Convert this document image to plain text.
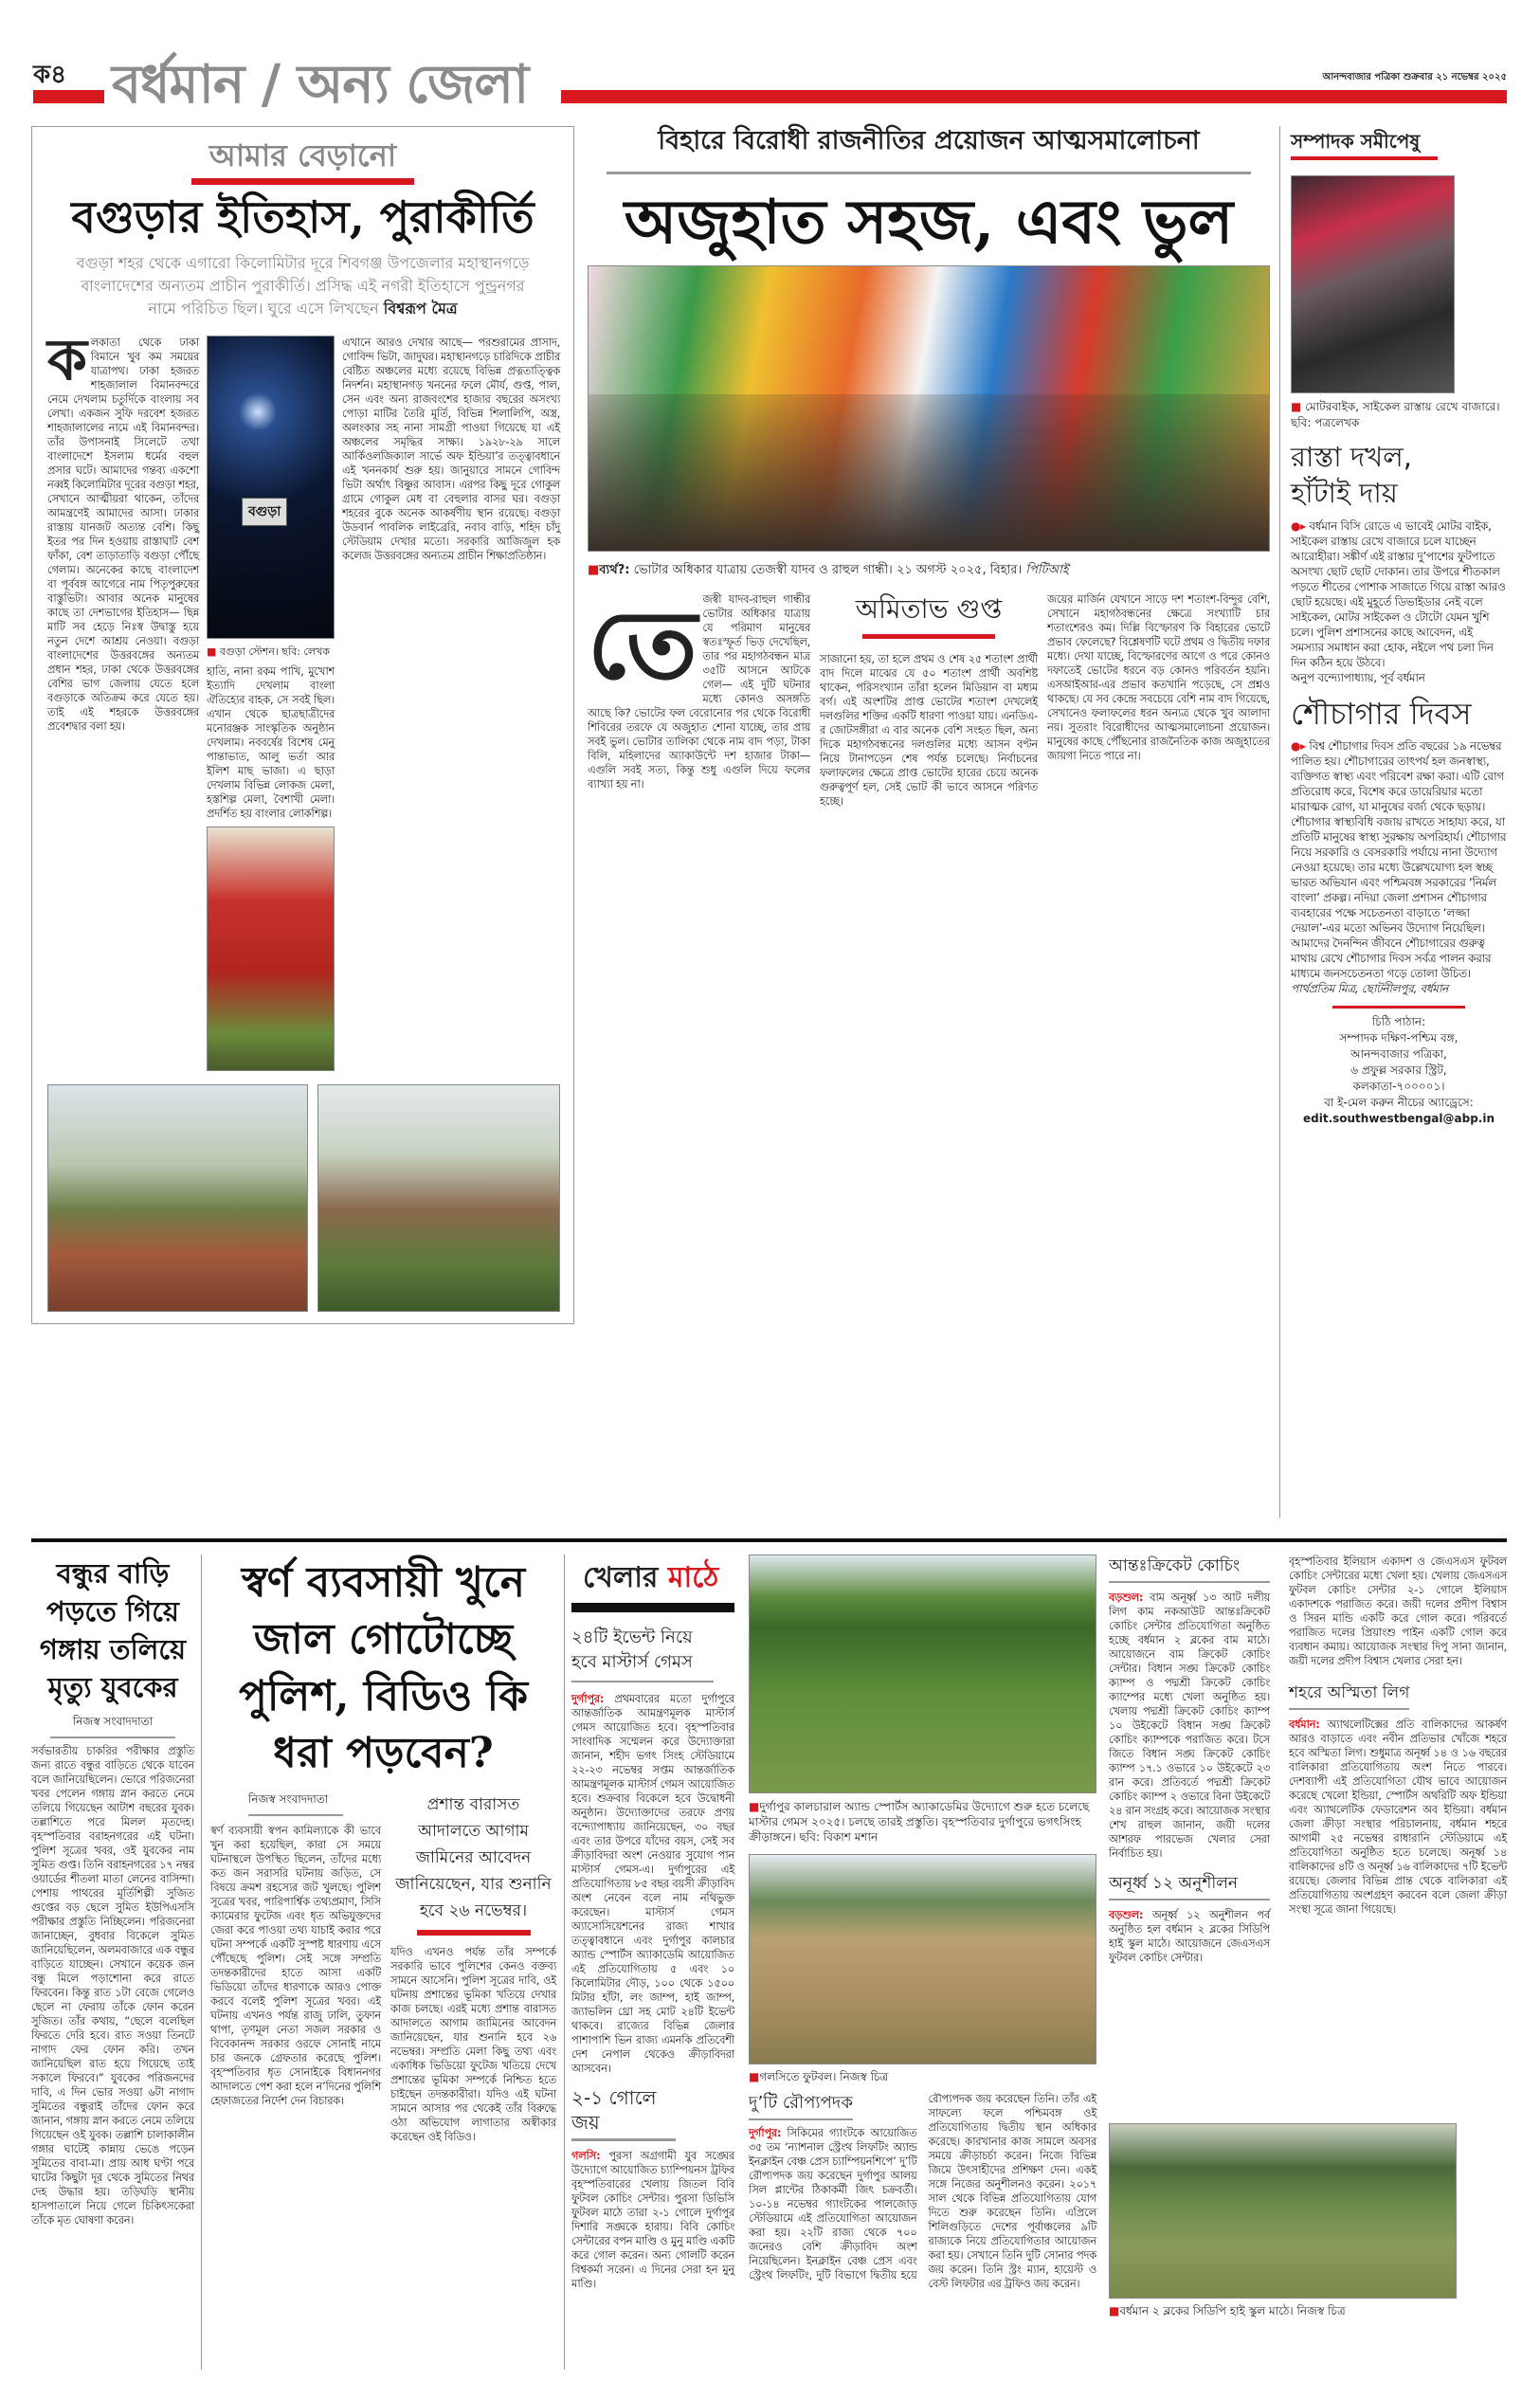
ক৪ বর্ধমান / অন্য জেলা	আনন্দবাজার পত্রিকা শুক্রবার ২১ নভেম্বর ২০২৫
আমার বেড়ানো
বগুড়ার ইতিহাস, পুরাকীর্তি
বগুড়া শহর থেকে এগারো কিলোমিটার দূরে শিবগঞ্জ উপজেলার মহাস্থানগড়ে বাংলাদেশের অন্যতম প্রাচীন পুরাকীর্তি। প্রসিদ্ধ এই নগরী ইতিহাসে পুন্ড্রনগর নামে পরিচিত ছিল। ঘুরে এসে লিখছেন বিশ্বরূপ মৈত্র
ক লকাতা থেকে ঢাকা বিমানে খুব কম সময়ের যাত্রাপথ। ঢাকা হজরত শাহজালাল বিমানবন্দরে নেমে দেখলাম চতুর্দিকে বাংলায় সব লেখা। একজন সুফি দরবেশ হজরত শাহজালালের নামে এই বিমানবন্দর। তাঁর উপাসনাই সিলেটে তথা বাংলাদেশে ইসলাম ধর্মের বহুল প্রসার ঘটে। আমাদের গন্তব্য একশো নব্বই কিলোমিটার দূরের বগুড়া শহর, সেখানে আত্মীয়রা থাকেন, তাঁদের আমন্ত্রণেই আমাদের আসা। ঢাকার রাস্তায় যানজট অত্যন্ত বেশি। কিছু ইতর পর দিন হওয়ায় রাস্তাঘাট বেশ ফাঁকা, বেশ তাড়াতাড়ি বগুড়া পৌঁছে গেলাম। অনেকের কাছে বাংলাদেশ বা পূর্ববঙ্গ আগেরে নাম পিতৃপুরুষের বাস্তুভিটা। আবার অনেক মানুষের কাছে তা দেশভাগের ইতিহাস— ছিন্ন মাটি সব হেড়ে নিঃস্ব উদ্বাস্তু হয়ে নতুন দেশে আশ্রয় নেওয়া। বগুড়া বাংলাদেশের উত্তরবঙ্গের অন্যতম প্রধান শহর, ঢাকা থেকে উত্তরবঙ্গের বেশির ভাগ জেলায় যেতে হলে বগুড়াকে অতিক্রম করে যেতে হয়। তাই এই শহরকে উত্তরবঙ্গের প্রবেশদ্বার বলা হয়।
বগুড়া
■ বগুড়া স্টেশন। ছবি: লেখক
হাতি, নানা রকম পাখি, মুখোশ ইত্যাদি দেখলাম বাংলা ঐতিহ্যের বাহক, সে সবই ছিল। এখান থেকে ছাত্রছাত্রীদের মনোরঞ্জক সাংস্কৃতিক অনুষ্ঠান দেখলাম। নববর্ষের বিশেষ মেনু পান্তাভাত, আলু ভর্তা আর ইলিশ মাছ ভাজা। এ ছাড়া দেখলাম বিভিন্ন লোকজ মেলা, হস্তশিল্প মেলা, বৈশাখী মেলা। প্রদর্শিত হয় বাংলার লোকশিল্প।
এখানে আরও দেখার আছে— পরশুরামের প্রাসাদ, গোবিন্দ ভিটা, জাদুঘর। মহাস্থানগড়ে চারিদিকে প্রাচীর বেষ্টিত অঞ্চলের মধ্যে রয়েছে বিভিন্ন প্রত্নতাত্ত্বিক নিদর্শন। মহাস্থানগড় খননের ফলে মৌর্য, গুপ্ত, পাল, সেন এবং অন্য রাজবংশের হাজার বছরের অসংখ্য পোড়া মাটির তৈরি মূর্তি, বিভিন্ন শিলালিপি, অস্ত্র, অলংকার সহ নানা সামগ্রী পাওয়া গিয়েছে যা এই অঞ্চলের সমৃদ্ধির সাক্ষ্য। ১৯২৮-২৯ সালে আর্কিওলজিক্যাল সার্ভে অফ ইন্ডিয়া’র তত্ত্বাবধানে এই খননকার্য শুরু হয়। জানুয়ারে সামনে গোবিন্দ ভিটা অর্থাৎ বিষ্ণুর আবাস। এরপর কিছু দূরে গোকুল গ্রামে গোকুল মেধ বা বেহুলার বাসর ঘর। বগুড়া শহরের বুকে অনেক আকর্ষণীয় স্থান রয়েছে। বগুড়া উডবার্ন পাবলিক লাইব্রেরি, নবাব বাড়ি, শহিদ চাঁদু স্টেডিয়াম দেখার মতো। সরকারি আজিজুল হক কলেজ উত্তরবঙ্গের অন্যতম প্রাচীন শিক্ষাপ্রতিষ্ঠান।
বিহারে বিরোধী রাজনীতির প্রয়োজন আত্মসমালোচনা
অজুহাত সহজ, এবং ভুল
■ব্যর্থ?: ভোটার অধিকার যাত্রায় তেজস্বী যাদব ও রাহুল গান্ধী। ২১ অগস্ট ২০২৫, বিহার। পিটিআই
তে জস্বী যাদব-রাহুল গান্ধীর ভোটার অধিকার যাত্রায় যে পরিমাণ মানুষের স্বতঃস্ফূর্ত ভিড় দেখেছিল, তার পর মহাগঠবন্ধন মাত্র ৩৫টি আসনে আটকে গেল— এই দুটি ঘটনার মধ্যে কোনও অসঙ্গতি আছে কি? ভোটের ফল বেরোনোর পর থেকে বিরোধী শিবিরের তরফে যে অজুহাত শোনা যাচ্ছে, তার প্রায় সবই ভুল। ভোটার তালিকা থেকে নাম বাদ পড়া, টাকা বিলি, মহিলাদের অ্যাকাউন্টে দশ হাজার টাকা— এগুলি সবই সত্য, কিন্তু শুধু এগুলি দিয়ে ফলের ব্যাখ্যা হয় না।
অমিতাভ গুপ্ত
সাজানো হয়, তা হলে প্রথম ও শেষ ২৫ শতাংশ প্রার্থী বাদ দিলে মাঝের যে ৫০ শতাংশ প্রার্থী অবশিষ্ট থাকেন, পরিসংখ্যান তাঁরা হলেন মিডিয়ান বা মধ্যম বর্গ। এই অংশটির প্রাপ্ত ভোটের শতাংশ দেখলেই দলগুলির শক্তির একটি ধারণা পাওয়া যায়। এনডিএ-র জোটসঙ্গীরা এ বার অনেক বেশি সংহত ছিল, অন্য দিকে মহাগঠবন্ধনের দলগুলির মধ্যে আসন বণ্টন নিয়ে টানাপড়েন শেষ পর্যন্ত চলেছে। নির্বাচনের ফলাফলের ক্ষেত্রে প্রাপ্ত ভোটের হারের চেয়ে অনেক গুরুত্বপূর্ণ হল, সেই ভোট কী ভাবে আসনে পরিণত হচ্ছে।
জয়ের মার্জিন যেখানে সাড়ে দশ শতাংশ-বিন্দুর বেশি, সেখানে মহাগঠবন্ধনের ক্ষেত্রে সংখ্যাটি চার শতাংশেরও কম। দিল্লি বিস্ফোরণ কি বিহারের ভোটে প্রভাব ফেলেছে? বিশ্লেষণটি ঘটে প্রথম ও দ্বিতীয় দফার মধ্যে। দেখা যাচ্ছে, বিস্ফোরণের আগে ও পরে কোনও দফাতেই ভোটের ধরনে বড় কোনও পরিবর্তন হয়নি। এসআইআর-এর প্রভাব কতখানি পড়েছে, সে প্রশ্নও থাকছে। যে সব কেন্দ্রে সবচেয়ে বেশি নাম বাদ গিয়েছে, সেখানেও ফলাফলের ধরন অন্যত্র থেকে খুব আলাদা নয়। সুতরাং বিরোধীদের আত্মসমালোচনা প্রয়োজন। মানুষের কাছে পৌঁছনোর রাজনৈতিক কাজ অজুহাতের জায়গা নিতে পারে না।
সম্পাদক সমীপেষু
■ মোটরবাইক, সাইকেল রাস্তায় রেখে বাজারে। ছবি: পত্রলেখক
রাস্তা দখল, হাঁটাই দায়
●▸ বর্ধমান বিসি রোডে এ ভাবেই মোটর বাইক, সাইকেল রাস্তায় রেখে বাজারে চলে যাচ্ছেন আরোহীরা। সঙ্কীর্ণ এই রাস্তার দু’পাশের ফুটপাতে অসংখ্য ছোট ছোট দোকান। তার উপরে শীতকাল পড়তে শীতের পোশাক সাজাতে গিয়ে রাস্তা আরও ছোট হয়েছে। এই মুহূর্তে ডিভাইডার নেই বলে সাইকেল, মোটর সাইকেল ও টোটো যেমন খুশি চলে। পুলিশ প্রশাসনের কাছে আবেদন, এই সমস্যার সমাধান করা হোক, নইলে পথ চলা দিন দিন কঠিন হয়ে উঠবে।
অনুপ বন্দ্যোপাধ্যায়, পূর্ব বর্ধমান
শৌচাগার দিবস
●▸ বিশ্ব শৌচাগার দিবস প্রতি বছরের ১৯ নভেম্বর পালিত হয়। শৌচাগারের তাৎপর্য হল জনস্বাস্থ্য, ব্যক্তিগত স্বাস্থ্য এবং পরিবেশ রক্ষা করা। এটি রোগ প্রতিরোধ করে, বিশেষ করে ডায়েরিয়ার মতো মারাত্মক রোগ, যা মানুষের বর্জ্য থেকে ছড়ায়। শৌচাগার স্বাস্থ্যবিধি বজায় রাখতে সাহায্য করে, যা প্রতিটি মানুষের স্বাস্থ্য সুরক্ষায় অপরিহার্য। শৌচাগার নিয়ে সরকারি ও বেসরকারি পর্যায়ে নানা উদ্যোগ নেওয়া হয়েছে। তার মধ্যে উল্লেখযোগ্য হল স্বচ্ছ ভারত অভিযান এবং পশ্চিমবঙ্গ সরকারের ‘নির্মল বাংলা’ প্রকল্প। নদিয়া জেলা প্রশাসন শৌচাগার ব্যবহারের পক্ষে সচেতনতা বাড়াতে ‘লজ্জা দেয়াল’-এর মতো অভিনব উদ্যোগ নিয়েছিল। আমাদের দৈনন্দিন জীবনে শৌচাগারের গুরুত্ব মাথায় রেখে শৌচাগার দিবস সর্বত্র পালন করার মাধ্যমে জনসচেতনতা গড়ে তোলা উচিত।
পার্থপ্রতিম মিত্র, ছোটনীলপুর, বর্ধমান
চিঠি পাঠান:
সম্পাদক দক্ষিণ-পশ্চিম বঙ্গ,
আনন্দবাজার পত্রিকা,
৬ প্রফুল্ল সরকার স্ট্রিট,
কলকাতা-৭০০০০১।
বা ই-মেল করুন নীচের অ্যাড্রেসে:
edit.southwestbengal@abp.in
বন্ধুর বাড়ি পড়তে গিয়ে গঙ্গায় তলিয়ে মৃত্যু যুবকের
নিজস্ব সংবাদদাতা
সর্বভারতীয় চাকরির পরীক্ষার প্রস্তুতি জন্য রাতে বন্ধুর বাড়িতে থেকে যাবেন বলে জানিয়েছিলেন। ভোরে পরিজনেরা খবর পেলেন গঙ্গায় স্নান করতে নেমে তলিয়ে গিয়েছেন আটাশ বছরের যুবক। তল্লাশিতে পরে মিলল মৃতদেহ। বৃহস্পতিবার বরাহনগরের এই ঘটনা। পুলিশ সূত্রের খবর, ওই যুবকের নাম সুমিত গুপ্ত। তিনি বরাহনগরের ১৭ নম্বর ওয়ার্ডের শীতলা মাতা লেনের বাসিন্দা। পেশায় পাথরের মূর্তিশিল্পী সুজিত গুপ্তের বড় ছেলে সুমিত ইউপিএসসি পরীক্ষার প্রস্তুতি নিচ্ছিলেন। পরিজনেরা জানাচ্ছেন, বুধবার বিকেলে সুমিত জানিয়েছিলেন, অলমবাজারে এক বন্ধুর বাড়িতে যাচ্ছেন। সেখানে কয়েক জন বন্ধু মিলে পড়াশোনা করে রাতে ফিরবেন। কিন্তু রাত ১টা বেজে গেলেও ছেলে না ফেরায় তাঁকে ফোন করেন সুজিত। তাঁর কথায়, “ছেলে বলেছিল ফিরতে দেরি হবে। রাত সওয়া তিনটে নাগাদ ফের ফোন করি। তখন জানিয়েছিল রাত হয়ে গিয়েছে তাই সকালে ফিরবে।” যুবকের পরিজনদের দাবি, এ দিন ভোর সওয়া ৬টা নাগাদ সুমিতের বন্ধুরাই তাঁদের ফোন করে জানান, গঙ্গায় স্নান করতে নেমে তলিয়ে গিয়েছেন ওই যুবক। তল্লাশি চালাকালীন গঙ্গার ঘাটেই কান্নায় ভেঙে পড়েন সুমিতের বাবা-মা। প্রায় আধ ঘণ্টা পরে ঘাটের কিছুটা দূর থেকে সুমিতের নিথর দেহ উদ্ধার হয়। তড়িঘড়ি স্থানীয় হাসপাতালে নিয়ে গেলে চিকিৎসকেরা তাঁকে মৃত ঘোষণা করেন।
স্বর্ণ ব্যবসায়ী খুনে জাল গোটোচ্ছে পুলিশ, বিডিও কি ধরা পড়বেন?
নিজস্ব সংবাদদাতা
স্বর্ণ ব্যবসায়ী স্বপন কামিল্যাকে কী ভাবে খুন করা হয়েছিল, কারা সে সময়ে ঘটনাস্থলে উপস্থিত ছিলেন, তাঁদের মধ্যে কত জন সরাসরি ঘটনায় জড়িত, সে বিষয়ে ক্রমশ রহস্যের জট খুলছে। পুলিশ সূত্রের খবর, পারিপার্শ্বিক তথ্যপ্রমাণ, সিসি ক্যামেরার ফুটেজ এবং ধৃত অভিযুক্তদের জেরা করে পাওয়া তথ্য যাচাই করার পরে ঘটনা সম্পর্কে একটি সুস্পষ্ট ধারণায় এসে পৌঁছেছে পুলিশ। সেই সঙ্গে সম্প্রতি তদন্তকারীদের হাতে আসা একটি ভিডিয়ো তাঁদের ধারণাকে আরও পোক্ত করবে বলেই পুলিশ সূত্রের খবর। এই ঘটনায় এখনও পর্যন্ত রাজু ঢালি, তুফান থাপা, তৃণমূল নেতা সজল সরকার ও বিবেকানন্দ সরকার ওরফে সোনাই নামে চার জনকে গ্রেফতার করেছে পুলিশ। বৃহস্পতিবার ধৃত সোনাইকে বিধাননগর আদালতে পেশ করা হলে ন’দিনের পুলিশি হেফাজতের নির্দেশ দেন বিচারক।
প্রশান্ত বারাসত
আদালতে আগাম জামিনের আবেদন জানিয়েছেন, যার শুনানি হবে ২৬ নভেম্বর।
যদিও এখনও পর্যন্ত তাঁর সম্পর্কে সরকারি ভাবে পুলিশের কেনও বক্তব্য সামনে আসেনি। পুলিশ সূত্রের দাবি, ওই ঘটনায় প্রশান্তের ভূমিকা খতিয়ে দেখার কাজ চলছে। এরই মধ্যে প্রশান্ত বারাসত আদালতে আগাম জামিনের আবেদন জানিয়েছেন, যার শুনানি হবে ২৬ নভেম্বর। সম্প্রতি মেলা কিছু তথ্য এবং একাধিক ভিডিয়ো ফুটেজ খতিয়ে দেখে প্রশান্তের ভূমিকা সম্পর্কে নিশ্চিত হতে চাইছেন তদন্তকারীরা। যদিও এই ঘটনা সামনে আসার পর থেকেই তাঁর বিরুদ্ধে ওঠা অভিযোগ লাগাতার অস্বীকার করেছেন ওই বিডিও।
খেলার মাঠে
২৪টি ইভেন্ট নিয়ে হবে মাস্টার্স গেমস
দুর্গাপুর: প্রথমবারের মতো দুর্গাপুরে আন্তর্জাতিক আমন্ত্রণমূলক মাস্টার্স গেমস আয়োজিত হবে। বৃহস্পতিবার সাংবাদিক সম্মেলন করে উদ্যোক্তারা জানান, শহীদ ভগৎ সিংহ স্টেডিয়ামে ২২-২৩ নভেম্বর সপ্তম আন্তর্জাতিক আমন্ত্রণমূলক মাস্টার্স গেমস আয়োজিত হবে। শুক্রবার বিকেলে হবে উদ্বোধনী অনুষ্ঠান। উদ্যোক্তাদের তরফে প্রণয় বন্দ্যোপাধ্যায় জানিয়েছেন, ৩০ বছর এবং তার উপরে যাঁদের বয়স, সেই সব ক্রীড়াবিদরা অংশ নেওয়ার সুযোগ পান মাস্টার্স গেমস-এ। দুর্গাপুরের এই প্রতিযোগিতায় ৮৫ বছর বয়সী ক্রীড়াবিদ অংশ নেবেন বলে নাম নথিভুক্ত করেছেন। মাস্টার্স গেমস অ্যাসোসিয়েশনের রাজ্য শাখার তত্ত্বাবধানে এবং দুর্গাপুর কালচার অ্যান্ড স্পোর্টস অ্যাকাডেমি আয়োজিত এই প্রতিযোগিতায় ৫ এবং ১০ কিলোমিটার দৌড়, ১০০ থেকে ১৫০০ মিটার হাঁটা, লং জাম্প, হাই জাম্প, জ্যাভলিন থ্রো সহ মোট ২৪টি ইভেন্ট থাকবে। রাজ্যের বিভিন্ন জেলার পাশাপাশি ভিন রাজ্য এমনকি প্রতিবেশী দেশ নেপাল থেকেও ক্রীড়াবিদরা আসবেন।
২-১ গোলে জয়
গলসি: পুরসা অগ্রগামী যুব সঙ্ঘের উদ্যোগে আয়োজিত চ্যাম্পিয়নস ট্রফির বৃহস্পতিবারের খেলায় জিতল বিবি ফুটবল কোচিং সেন্টার। পুরসা ডিভিসি ফুটবল মাঠে তারা ২-১ গোলে দুর্গাপুর দিশারি সঙ্ঘকে হারায়। বিবি কোচিং সেন্টারের বপন মাণ্ডি ও মুনু মাণ্ডি একটি করে গোল করেন। অন্য গোলটি করেন বিশ্বকর্মা সরেন। এ দিনের সেরা হন মুনু মাণ্ডি।
■দুর্গাপুর কালচারাল অ্যান্ড স্পোর্টস অ্যাকাডেমির উদ্যোগে শুরু হতে চলেছে মাস্টার গেমস ২০২৫। চলছে তারই প্রস্তুতি। বৃহস্পতিবার দুর্গাপুরে ভগৎসিংহ ক্রীড়াঙ্গনে। ছবি: বিকাশ মশান
■গলসিতে ফুটবল। নিজস্ব চিত্র
দু’টি রৌপ্যপদক
দুর্গাপুর: সিকিমের গ্যাংটকে আয়োজিত ৩৫ তম ‘ন্যাশনাল স্ট্রেংথ লিফটিং অ্যান্ড ইনক্লাইন বেঞ্চ প্রেস চ্যাম্পিয়নশিপে’ দু’টি রৌপ্যপদক জয় করেছেন দুর্গাপুর আলয় সিল প্লান্টের ঠিকাকর্মী জিৎ চক্রবর্তী। ১০-১৪ নভেম্বর গ্যাংটকের পালজোড় স্টেডিয়ামে এই প্রতিযোগিতা আয়োজন করা হয়। ২২টি রাজ্য থেকে ৭০০ জনেরও বেশি ক্রীড়াবিদ অংশ নিয়েছিলেন। ইনক্লাইন বেঞ্চ প্রেস এবং স্ট্রেংথ লিফটিং, দুটি বিভাগে দ্বিতীয় হয়ে রৌপ্যপদক জয় করেছেন তিনি। তাঁর এই সাফল্যে ফলে পশ্চিমবঙ্গ ওই প্রতিযোগিতায় দ্বিতীয় স্থান অধিকার করেছে। কারখানার কাজ সামলে অবসর সময়ে ক্রীড়াচর্চা করেন। নিজে বিভিন্ন জিমে উৎসাহীদের প্রশিক্ষণ দেন। একই সঙ্গে নিজের অনুশীলনও করেন। ২০১৭ সাল থেকে বিভিন্ন প্রতিযোগিতায় যোগ দিতে শুরু করেছেন তিনি। এপ্রিলে শিলিগুড়িতে দেশের পূর্বাঞ্চলের ৯টি রাজ্যকে নিয়ে প্রতিযোগিতার আয়োজন করা হয়। সেখানে তিনি দুটি সোনার পদক জয় করেন। তিনি স্ট্রং ম্যান, হায়েস্ট ও বেস্ট লিফটার এর ট্রফিও জয় করেন।
আন্তঃক্রিকেট কোচিং
বড়শুল: বাম অনূর্ধ্ব ১৩ আট দলীয় লিগ কাম নকআউট আন্তঃক্রিকেট কোচিং সেন্টার প্রতিযোগিতা অনুষ্ঠিত হচ্ছে বর্ধমান ২ ব্লকের বাম মাঠে। আয়োজনে বাম ক্রিকেট কোচিং সেন্টার। বিধান সঙ্ঘ ক্রিকেট কোচিং ক্যাম্প ও পদ্মশ্রী ক্রিকেট কোচিং ক্যাম্পের মধ্যে খেলা অনুষ্ঠিত হয়। খেলায় পদ্মশ্রী ক্রিকেট কোচিং ক্যাম্প ১০ উইকেটে বিধান সঙ্ঘ ক্রিকেট কোচিং ক্যাম্পকে পরাজিত করে। টসে জিতে বিধান সঙ্ঘ ক্রিকেট কোচিং ক্যাম্প ১৭.১ ওভারে ১০ উইকেটে ২৩ রান করে। প্রতিবর্তে পদ্মশ্রী ক্রিকেট কোচিং ক্যাম্প ২ ওভারে বিনা উইকেটে ২৪ রান সংগ্রহ করে। আয়োজক সংস্থার শেখ রাহুল জানান, জয়ী দলের আশরফ পারভেজ খেলার সেরা নির্বাচিত হয়।
অনূর্ধ্ব ১২ অনুশীলন
বড়শুল: অনূর্ধ্ব ১২ অনুশীলন পর্ব অনুষ্ঠিত হল বর্ধমান ২ ব্লকের সিডিপি হাই স্কুল মাঠে। আয়োজনে জেএসএস ফুটবল কোচিং সেন্টার।
বৃহস্পতিবার ইলিয়াস একাদশ ও জেএসএস ফুটবল কোচিং সেন্টারের মধ্যে খেলা হয়। খেলায় জেএসএস ফুটবল কোচিং সেন্টার ২-১ গোলে ইলিয়াস একাদশকে পরাজিত করে। জয়ী দলের প্রদীপ বিশ্বাস ও সিরন মান্ডি একটি করে গোল করে। পরিবর্তে পরাজিত দলের প্রিয়াংশু পাইন একটি গোল করে ব্যবধান কমায়। আয়োজক সংস্থার দিপু সানা জানান, জয়ী দলের প্রদীপ বিশ্বাস খেলার সেরা হন।
শহরে অস্মিতা লিগ
বর্ধমান: অ্যাথলেটিক্সের প্রতি বালিকাদের আকর্ষণ আরও বাড়াতে এবং নবীন প্রতিভার খোঁজে শহরে হবে অস্মিতা লিগ। শুধুমাত্র অনূর্ধ্ব ১৪ ও ১৬ বছরের বালিকারা প্রতিযোগিতায় অংশ নিতে পারবে। দেশব্যাপী এই প্রতিযোগিতা যৌথ ভাবে আয়োজন করেছে খেলো ইন্ডিয়া, স্পোর্টস অথরিটি অফ ইন্ডিয়া এবং অ্যাথলেটিক ফেডারেশন অব ইন্ডিয়া। বর্ধমান জেলা ক্রীড়া সংস্থার পরিচালনায়, বর্ধমান শহরে আগামী ২৫ নভেম্বর রাধারানি স্টেডিয়ামে এই প্রতিযোগিতা অনুষ্ঠিত হতে চলেছে। অনূর্ধ্ব ১৪ বালিকাদের ৪টি ও অনূর্ধ্ব ১৬ বালিকাদের ৭টি ইভেন্ট রয়েছে। জেলার বিভিন্ন প্রান্ত থেকে বালিকারা এই প্রতিযোগিতায় অংশগ্রহণ করবেন বলে জেলা ক্রীড়া সংস্থা সূত্রে জানা গিয়েছে।
■বর্ধমান ২ ব্লকের সিডিপি হাই স্কুল মাঠে। নিজস্ব চিত্র
